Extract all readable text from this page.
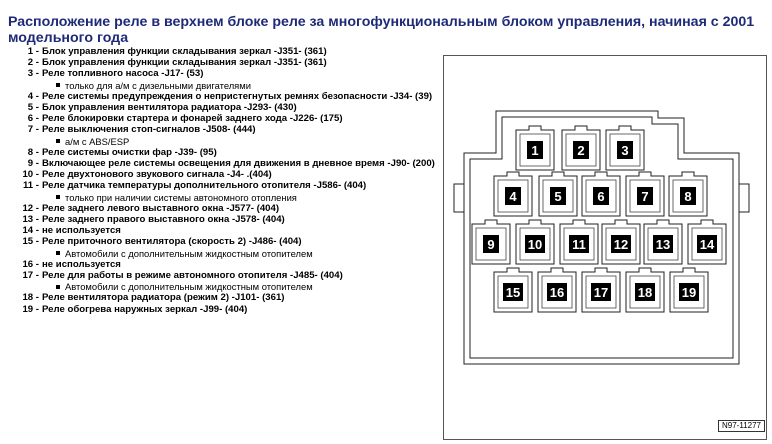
Расположение реле в верхнем блоке реле за многофункциональным блоком управления, начиная с 2001 модельного года
1 - Блок управления функции складывания зеркал -J351- (361)
2 - Блок управления функции складывания зеркал -J351- (361)
3 - Реле топливного насоса -J17- (53)
только для а/м с дизельными двигателями
4 - Реле системы предупреждения о непристегнутых ремнях безопасности -J34- (39)
5 - Блок управления вентилятора радиатора -J293- (430)
6 - Реле блокировки стартера и фонарей заднего хода -J226- (175)
7 - Реле выключения стоп-сигналов -J508- (444)
а/м с ABS/ESP
8 - Реле системы очистки фар -J39- (95)
9 - Включающее реле системы освещения для движения в дневное время -J90- (200)
10 - Реле двухтонового звукового сигнала -J4- .(404)
11 - Реле датчика температуры дополнительного отопителя -J586- (404)
только при наличии системы автономного отопления
12 - Реле заднего левого выставного окна -J577- (404)
13 - Реле заднего правого выставного окна -J578- (404)
14 - не используется
15 - Реле приточного вентилятора (скорость 2) -J486- (404)
Автомобили с дополнительным жидкостным отопителем
16 - не используется
17 - Реле для работы в режиме автономного отопителя -J485- (404)
Автомобили с дополнительным жидкостным отопителем
18 - Реле вентилятора радиатора (режим 2) -J101- (361)
19 - Реле обогрева наружных зеркал -J99- (404)
1	2	3
4	5	6	7	8
9	10 11 12 13 14
15 16 17 18 19
N97-11277
